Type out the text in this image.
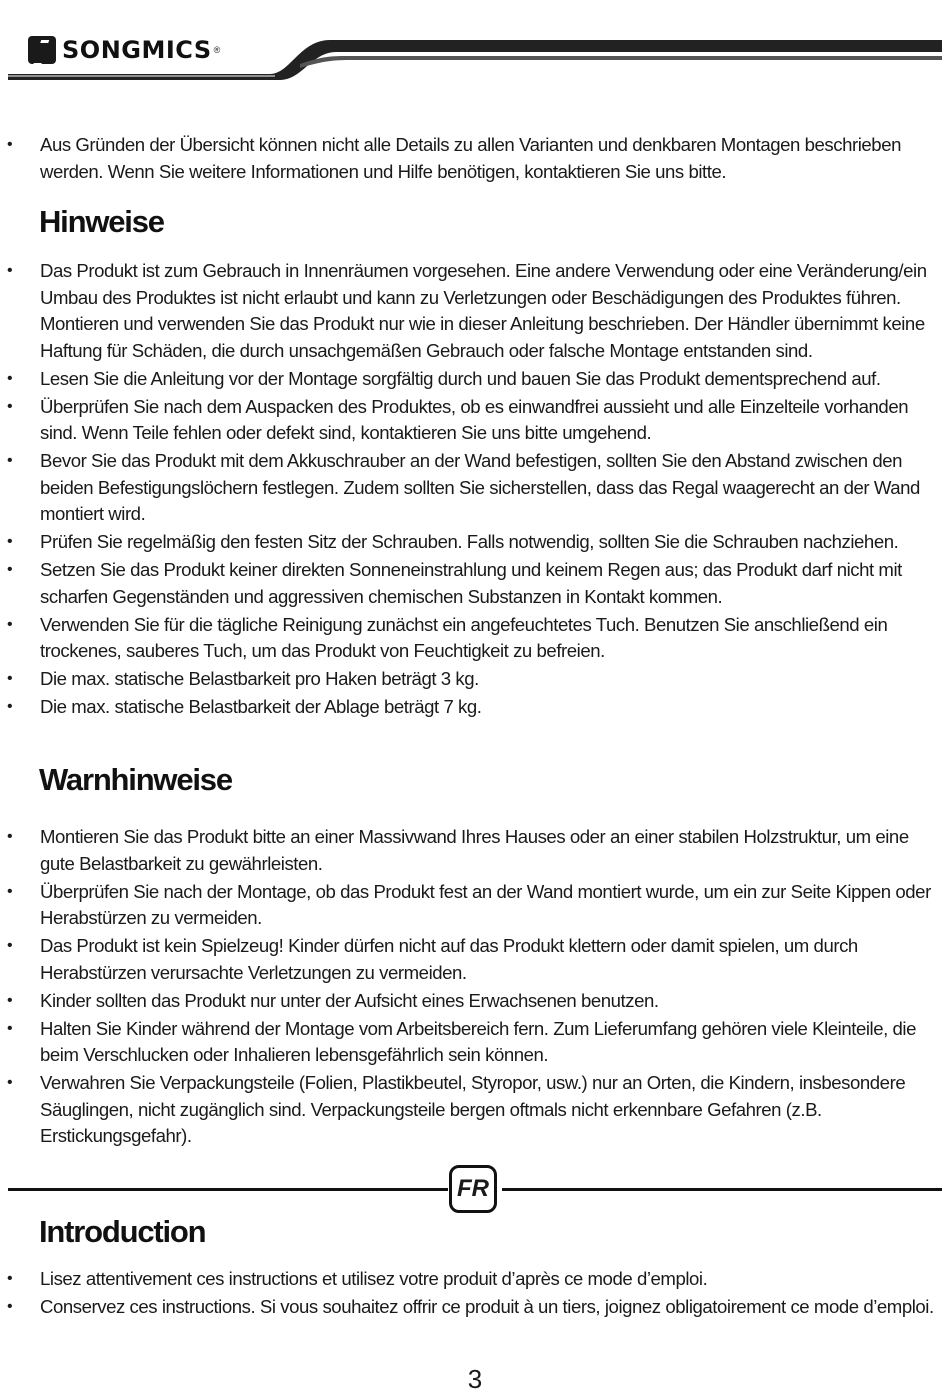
SONGMICS ®
• Aus Gründen der Übersicht können nicht alle Details zu allen Varianten und denkbaren Montagen beschrieben werden. Wenn Sie weitere Informationen und Hilfe benötigen, kontaktieren Sie uns bitte.
Hinweise
• Das Produkt ist zum Gebrauch in Innenräumen vorgesehen. Eine andere Verwendung oder eine Veränderung/ein Umbau des Produktes ist nicht erlaubt und kann zu Verletzungen oder Beschädigungen des Produktes führen. Montieren und verwenden Sie das Produkt nur wie in dieser Anleitung beschrieben. Der Händler übernimmt keine Haftung für Schäden, die durch unsachgemäßen Gebrauch oder falsche Montage entstanden sind.
• Lesen Sie die Anleitung vor der Montage sorgfältig durch und bauen Sie das Produkt dementsprechend auf.
• Überprüfen Sie nach dem Auspacken des Produktes, ob es einwandfrei aussieht und alle Einzelteile vorhanden sind. Wenn Teile fehlen oder defekt sind, kontaktieren Sie uns bitte umgehend.
• Bevor Sie das Produkt mit dem Akkuschrauber an der Wand befestigen, sollten Sie den Abstand zwischen den beiden Befestigungslöchern festlegen. Zudem sollten Sie sicherstellen, dass das Regal waagerecht an der Wand montiert wird.
• Prüfen Sie regelmäßig den festen Sitz der Schrauben. Falls notwendig, sollten Sie die Schrauben nachziehen.
• Setzen Sie das Produkt keiner direkten Sonneneinstrahlung und keinem Regen aus; das Produkt darf nicht mit scharfen Gegenständen und aggressiven chemischen Substanzen in Kontakt kommen.
• Verwenden Sie für die tägliche Reinigung zunächst ein angefeuchtetes Tuch. Benutzen Sie anschließend ein trockenes, sauberes Tuch, um das Produkt von Feuchtigkeit zu befreien.
• Die max. statische Belastbarkeit pro Haken beträgt 3 kg.
• Die max. statische Belastbarkeit der Ablage beträgt 7 kg.
Warnhinweise
• Montieren Sie das Produkt bitte an einer Massivwand Ihres Hauses oder an einer stabilen Holzstruktur, um eine gute Belastbarkeit zu gewährleisten.
• Überprüfen Sie nach der Montage, ob das Produkt fest an der Wand montiert wurde, um ein zur Seite Kippen oder Herabstürzen zu vermeiden.
• Das Produkt ist kein Spielzeug! Kinder dürfen nicht auf das Produkt klettern oder damit spielen, um durch Herabstürzen verursachte Verletzungen zu vermeiden.
• Kinder sollten das Produkt nur unter der Aufsicht eines Erwachsenen benutzen.
• Halten Sie Kinder während der Montage vom Arbeitsbereich fern. Zum Lieferumfang gehören viele Kleinteile, die beim Verschlucken oder Inhalieren lebensgefährlich sein können.
• Verwahren Sie Verpackungsteile (Folien, Plastikbeutel, Styropor, usw.) nur an Orten, die Kindern, insbesondere Säuglingen, nicht zugänglich sind. Verpackungsteile bergen oftmals nicht erkennbare Gefahren (z.B. Erstickungsgefahr).
FR
Introduction
• Lisez attentivement ces instructions et utilisez votre produit d’après ce mode d’emploi.
• Conservez ces instructions. Si vous souhaitez offrir ce produit à un tiers, joignez obligatoirement ce mode d’emploi.
3
